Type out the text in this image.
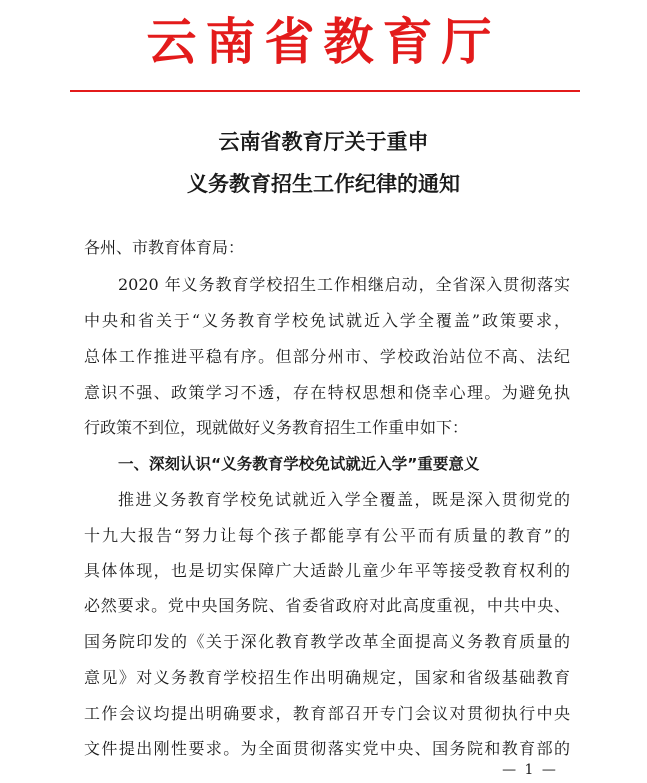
云南省教育厅
云南省教育厅关于重申
义务教育招生工作纪律的通知
各州、市教育体育局：
2020 年义务教育学校招生工作相继启动，全省深入贯彻落实
中央和省关于“义务教育学校免试就近入学全覆盖”政策要求，
总体工作推进平稳有序。但部分州市、学校政治站位不高、法纪
意识不强、政策学习不透，存在特权思想和侥幸心理。为避免执
行政策不到位，现就做好义务教育招生工作重申如下：
一、深刻认识“义务教育学校免试就近入学”重要意义
推进义务教育学校免试就近入学全覆盖，既是深入贯彻党的
十九大报告“努力让每个孩子都能享有公平而有质量的教育”的
具体体现，也是切实保障广大适龄儿童少年平等接受教育权利的
必然要求。党中央国务院、省委省政府对此高度重视，中共中央、
国务院印发的《关于深化教育教学改革全面提高义务教育质量的
意见》对义务教育学校招生作出明确规定，国家和省级基础教育
工作会议均提出明确要求，教育部召开专门会议对贯彻执行中央
文件提出刚性要求。为全面贯彻落实党中央、国务院和教育部的
— 1 —
